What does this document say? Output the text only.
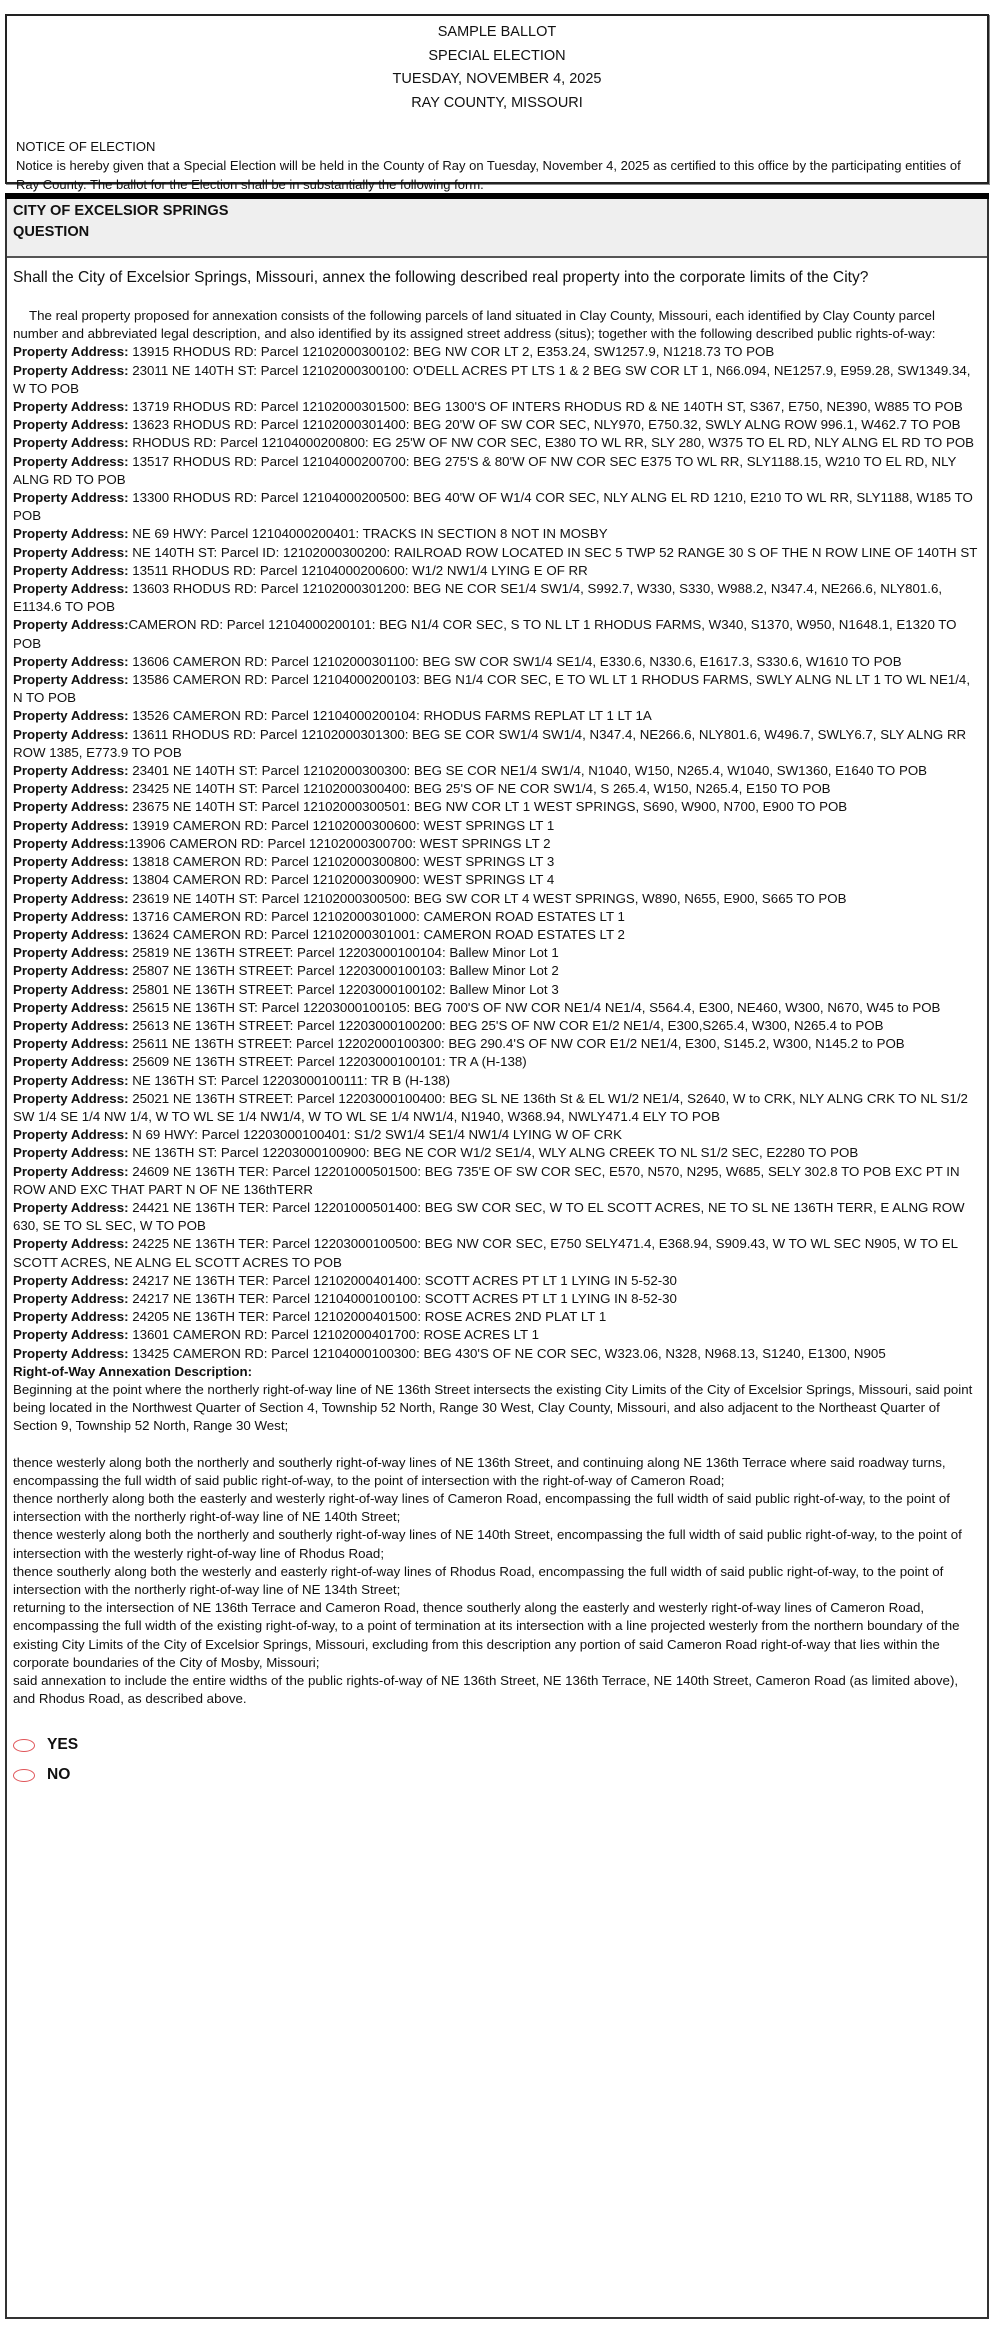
SAMPLE BALLOT
SPECIAL ELECTION
TUESDAY, NOVEMBER 4, 2025
RAY COUNTY, MISSOURI
NOTICE OF ELECTION
Notice is hereby given that a Special Election will be held in the County of Ray on Tuesday, November 4, 2025 as certified to this office by the participating entities of Ray County. The ballot for the Election shall be in substantially the following form.
CITY OF EXCELSIOR SPRINGS
QUESTION
Shall the City of Excelsior Springs, Missouri, annex the following described real property into the corporate limits of the City?
The real property proposed for annexation consists of the following parcels of land situated in Clay County, Missouri, each identified by Clay County parcel number and abbreviated legal description, and also identified by its assigned street address (situs); together with the following described public rights-of-way:
Property Address: 13915 RHODUS RD: Parcel 12102000300102: BEG NW COR LT 2, E353.24, SW1257.9, N1218.73 TO POB
Property Address: 23011 NE 140TH ST: Parcel 12102000300100: O'DELL ACRES PT LTS 1 & 2 BEG SW COR LT 1, N66.094, NE1257.9, E959.28, SW1349.34, W TO POB
Property Address: 13719 RHODUS RD: Parcel 12102000301500: BEG 1300'S OF INTERS RHODUS RD & NE 140TH ST, S367, E750, NE390, W885 TO POB
Property Address: 13623 RHODUS RD: Parcel 12102000301400: BEG 20'W OF SW COR SEC, NLY970, E750.32, SWLY ALNG ROW 996.1, W462.7 TO POB
Property Address: RHODUS RD: Parcel 12104000200800: EG 25'W OF NW COR SEC, E380 TO WL RR, SLY 280, W375 TO EL RD, NLY ALNG EL RD TO POB
Property Address: 13517 RHODUS RD: Parcel 12104000200700: BEG 275'S & 80'W OF NW COR SEC E375 TO WL RR, SLY1188.15, W210 TO EL RD, NLY ALNG RD TO POB
Property Address: 13300 RHODUS RD: Parcel 12104000200500: BEG 40'W OF W1/4 COR SEC, NLY ALNG EL RD 1210, E210 TO WL RR, SLY1188, W185 TO POB
Property Address: NE 69 HWY: Parcel 12104000200401: TRACKS IN SECTION 8 NOT IN MOSBY
Property Address: NE 140TH ST: Parcel ID: 12102000300200: RAILROAD ROW LOCATED IN SEC 5 TWP 52 RANGE 30 S OF THE N ROW LINE OF 140TH ST
Property Address: 13511 RHODUS RD: Parcel 12104000200600: W1/2 NW1/4 LYING E OF RR
Property Address: 13603 RHODUS RD: Parcel 12102000301200: BEG NE COR SE1/4 SW1/4, S992.7, W330, S330, W988.2, N347.4, NE266.6, NLY801.6, E1134.6 TO POB
Property Address:CAMERON RD: Parcel 12104000200101: BEG N1/4 COR SEC, S TO NL LT 1 RHODUS FARMS, W340, S1370, W950, N1648.1, E1320 TO POB
Property Address: 13606 CAMERON RD: Parcel 12102000301100: BEG SW COR SW1/4 SE1/4, E330.6, N330.6, E1617.3, S330.6, W1610 TO POB
Property Address: 13586 CAMERON RD: Parcel 12104000200103: BEG N1/4 COR SEC, E TO WL LT 1 RHODUS FARMS, SWLY ALNG NL LT 1 TO WL NE1/4, N TO POB
Property Address: 13526 CAMERON RD: Parcel 12104000200104: RHODUS FARMS REPLAT LT 1 LT 1A
Property Address: 13611 RHODUS RD: Parcel 12102000301300: BEG SE COR SW1/4 SW1/4, N347.4, NE266.6, NLY801.6, W496.7, SWLY6.7, SLY ALNG RR ROW 1385, E773.9 TO POB
Property Address: 23401 NE 140TH ST: Parcel 12102000300300: BEG SE COR NE1/4 SW1/4, N1040, W150, N265.4, W1040, SW1360, E1640 TO POB
Property Address: 23425 NE 140TH ST: Parcel 12102000300400: BEG 25'S OF NE COR SW1/4, S 265.4, W150, N265.4, E150 TO POB
Property Address: 23675 NE 140TH ST: Parcel 12102000300501: BEG NW COR LT 1 WEST SPRINGS, S690, W900, N700, E900 TO POB
Property Address: 13919 CAMERON RD: Parcel 12102000300600: WEST SPRINGS LT 1
Property Address:13906 CAMERON RD: Parcel 12102000300700: WEST SPRINGS LT 2
Property Address: 13818 CAMERON RD: Parcel 12102000300800: WEST SPRINGS LT 3
Property Address: 13804 CAMERON RD: Parcel 12102000300900: WEST SPRINGS LT 4
Property Address: 23619 NE 140TH ST: Parcel 12102000300500: BEG SW COR LT 4 WEST SPRINGS, W890, N655, E900, S665 TO POB
Property Address: 13716 CAMERON RD: Parcel 12102000301000: CAMERON ROAD ESTATES LT 1
Property Address: 13624 CAMERON RD: Parcel 12102000301001: CAMERON ROAD ESTATES LT 2
Property Address: 25819 NE 136TH STREET: Parcel 12203000100104: Ballew Minor Lot 1
Property Address: 25807 NE 136TH STREET: Parcel 12203000100103: Ballew Minor Lot 2
Property Address: 25801 NE 136TH STREET: Parcel 12203000100102: Ballew Minor Lot 3
Property Address: 25615 NE 136TH ST: Parcel 12203000100105: BEG 700'S OF NW COR NE1/4 NE1/4, S564.4, E300, NE460, W300, N670, W45 to POB
Property Address: 25613 NE 136TH STREET: Parcel 12203000100200: BEG 25'S OF NW COR E1/2 NE1/4, E300,S265.4, W300, N265.4 to POB
Property Address: 25611 NE 136TH STREET: Parcel 12202000100300: BEG 290.4'S OF NW COR E1/2 NE1/4, E300, S145.2, W300, N145.2 to POB
Property Address: 25609 NE 136TH STREET: Parcel 12203000100101: TR A (H-138)
Property Address: NE 136TH ST: Parcel 12203000100111: TR B (H-138)
Property Address: 25021 NE 136TH STREET: Parcel 12203000100400: BEG SL NE 136th St & EL W1/2 NE1/4, S2640, W to CRK, NLY ALNG CRK TO NL S1/2 SW 1/4 SE 1/4 NW 1/4, W TO WL SE 1/4 NW1/4, W TO WL SE 1/4 NW1/4, N1940, W368.94, NWLY471.4 ELY TO POB
Property Address: N 69 HWY: Parcel 12203000100401: S1/2 SW1/4 SE1/4 NW1/4 LYING W OF CRK
Property Address: NE 136TH ST: Parcel 12203000100900: BEG NE COR W1/2 SE1/4, WLY ALNG CREEK TO NL S1/2 SEC, E2280 TO POB
Property Address: 24609 NE 136TH TER: Parcel 12201000501500: BEG 735'E OF SW COR SEC, E570, N570, N295, W685, SELY 302.8 TO POB EXC PT IN ROW AND EXC THAT PART N OF NE 136thTERR
Property Address: 24421 NE 136TH TER: Parcel 12201000501400: BEG SW COR SEC, W TO EL SCOTT ACRES, NE TO SL NE 136TH TERR, E ALNG ROW 630, SE TO SL SEC, W TO POB
Property Address: 24225 NE 136TH TER: Parcel 12203000100500: BEG NW COR SEC, E750 SELY471.4, E368.94, S909.43, W TO WL SEC N905, W TO EL SCOTT ACRES, NE ALNG EL SCOTT ACRES TO POB
Property Address: 24217 NE 136TH TER: Parcel 12102000401400: SCOTT ACRES PT LT 1 LYING IN 5-52-30
Property Address: 24217 NE 136TH TER: Parcel 12104000100100: SCOTT ACRES PT LT 1 LYING IN 8-52-30
Property Address: 24205 NE 136TH TER: Parcel 12102000401500: ROSE ACRES 2ND PLAT LT 1
Property Address: 13601 CAMERON RD: Parcel 12102000401700: ROSE ACRES LT 1
Property Address: 13425 CAMERON RD: Parcel 12104000100300: BEG 430'S OF NE COR SEC, W323.06, N328, N968.13, S1240, E1300, N905
Right-of-Way Annexation Description:
Beginning at the point where the northerly right-of-way line of NE 136th Street intersects the existing City Limits of the City of Excelsior Springs, Missouri, said point being located in the Northwest Quarter of Section 4, Township 52 North, Range 30 West, Clay County, Missouri, and also adjacent to the Northeast Quarter of Section 9, Township 52 North, Range 30 West;
thence westerly along both the northerly and southerly right-of-way lines of NE 136th Street, and continuing along NE 136th Terrace where said roadway turns, encompassing the full width of said public right-of-way, to the point of intersection with the right-of-way of Cameron Road;
thence northerly along both the easterly and westerly right-of-way lines of Cameron Road, encompassing the full width of said public right-of-way, to the point of intersection with the northerly right-of-way line of NE 140th Street;
thence westerly along both the northerly and southerly right-of-way lines of NE 140th Street, encompassing the full width of said public right-of-way, to the point of intersection with the westerly right-of-way line of Rhodus Road;
thence southerly along both the westerly and easterly right-of-way lines of Rhodus Road, encompassing the full width of said public right-of-way, to the point of intersection with the northerly right-of-way line of NE 134th Street;
returning to the intersection of NE 136th Terrace and Cameron Road, thence southerly along the easterly and westerly right-of-way lines of Cameron Road, encompassing the full width of the existing right-of-way, to a point of termination at its intersection with a line projected westerly from the northern boundary of the existing City Limits of the City of Excelsior Springs, Missouri, excluding from this description any portion of said Cameron Road right-of-way that lies within the corporate boundaries of the City of Mosby, Missouri;
said annexation to include the entire widths of the public rights-of-way of NE 136th Street, NE 136th Terrace, NE 140th Street, Cameron Road (as limited above), and Rhodus Road, as described above.
YES
NO
